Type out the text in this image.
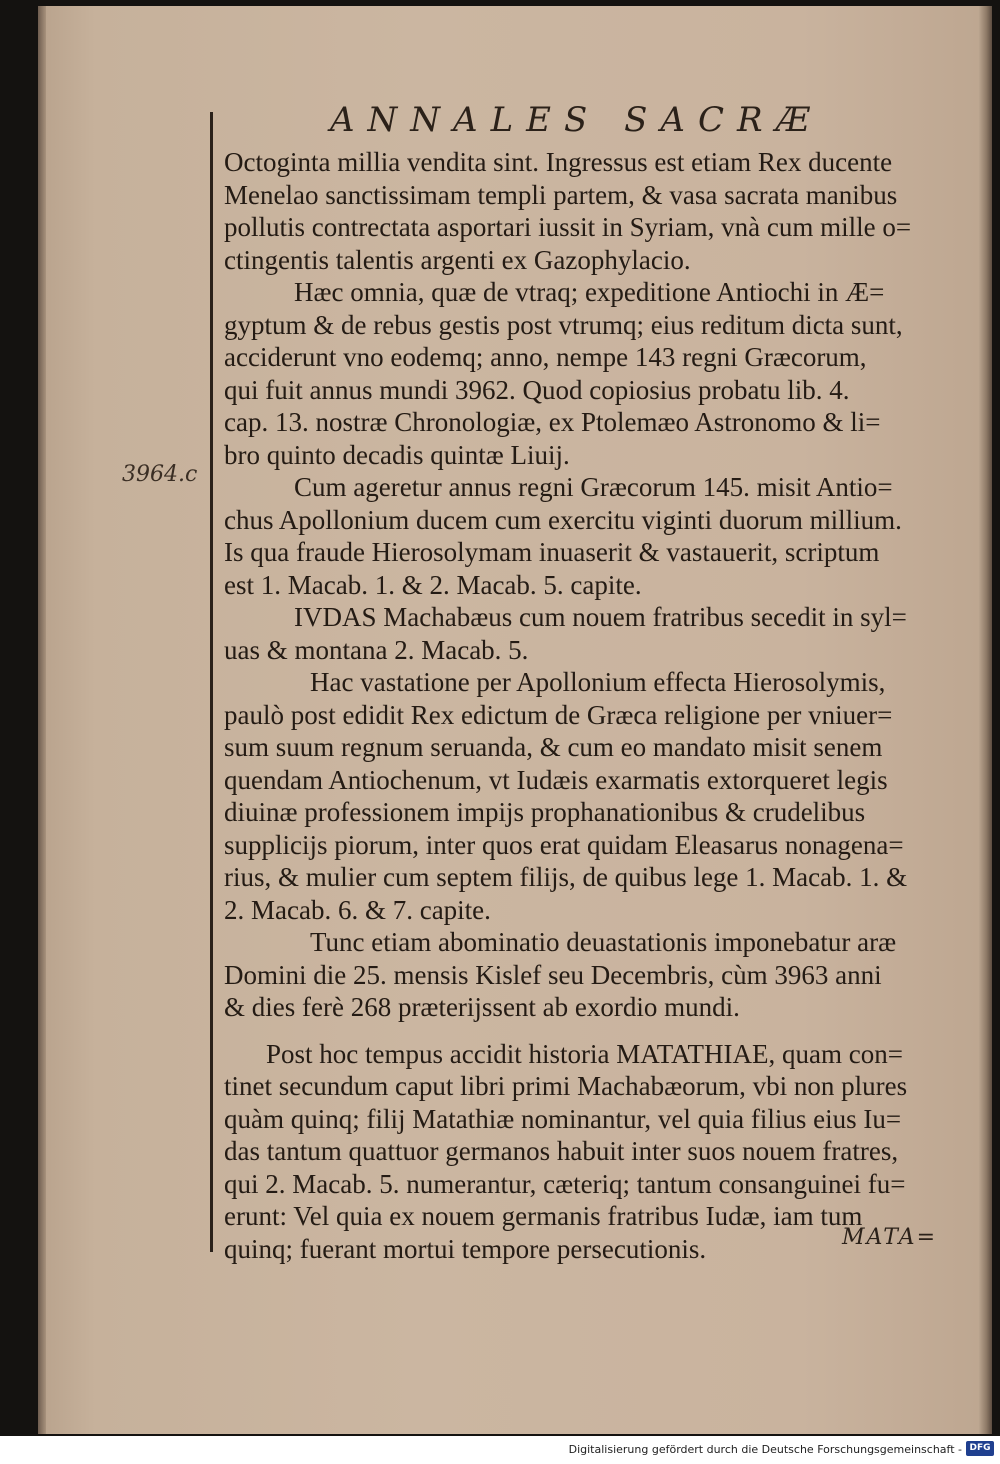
ANNALES SACRÆ
3964.c
Octoginta millia vendita sint. Ingressus est etiam Rex ducente
Menelao sanctissimam templi partem, & vasa sacrata manibus
pollutis contrectata asportari iussit in Syriam, vnà cum mille o=
ctingentis talentis argenti ex Gazophylacio.
Hæc omnia, quæ de vtraq; expeditione Antiochi in Æ=
gyptum & de rebus gestis post vtrumq; eius reditum dicta sunt,
acciderunt vno eodemq; anno, nempe 143 regni Græcorum,
qui fuit annus mundi 3962. Quod copiosius probatu lib. 4.
cap. 13. nostræ Chronologiæ, ex Ptolemæo Astronomo & li=
bro quinto decadis quintæ Liuij.
Cum ageretur annus regni Græcorum 145. misit Antio=
chus Apollonium ducem cum exercitu viginti duorum millium.
Is qua fraude Hierosolymam inuaserit & vastauerit, scriptum
est 1. Macab. 1. & 2. Macab. 5. capite.
IVDAS Machabæus cum nouem fratribus secedit in syl=
uas & montana 2. Macab. 5.
Hac vastatione per Apollonium effecta Hierosolymis,
paulò post edidit Rex edictum de Græca religione per vniuer=
sum suum regnum seruanda, & cum eo mandato misit senem
quendam Antiochenum, vt Iudæis exarmatis extorqueret legis
diuinæ professionem impijs prophanationibus & crudelibus
supplicijs piorum, inter quos erat quidam Eleasarus nonagena=
rius, & mulier cum septem filijs, de quibus lege 1. Macab. 1. &
2. Macab. 6. & 7. capite.
Tunc etiam abominatio deuastationis imponebatur aræ
Domini die 25. mensis Kislef seu Decembris, cùm 3963 anni
& dies ferè 268 præterijssent ab exordio mundi.
Post hoc tempus accidit historia MATATHIAE, quam con=
tinet secundum caput libri primi Machabæorum, vbi non plures
quàm quinq; filij Matathiæ nominantur, vel quia filius eius Iu=
das tantum quattuor germanos habuit inter suos nouem fratres,
qui 2. Macab. 5. numerantur, cæteriq; tantum consanguinei fu=
erunt: Vel quia ex nouem germanis fratribus Iudæ, iam tum
quinq; fuerant mortui tempore persecutionis.	MATA=
Digitalisierung gefördert durch die Deutsche Forschungsgemeinschaft - DFG
